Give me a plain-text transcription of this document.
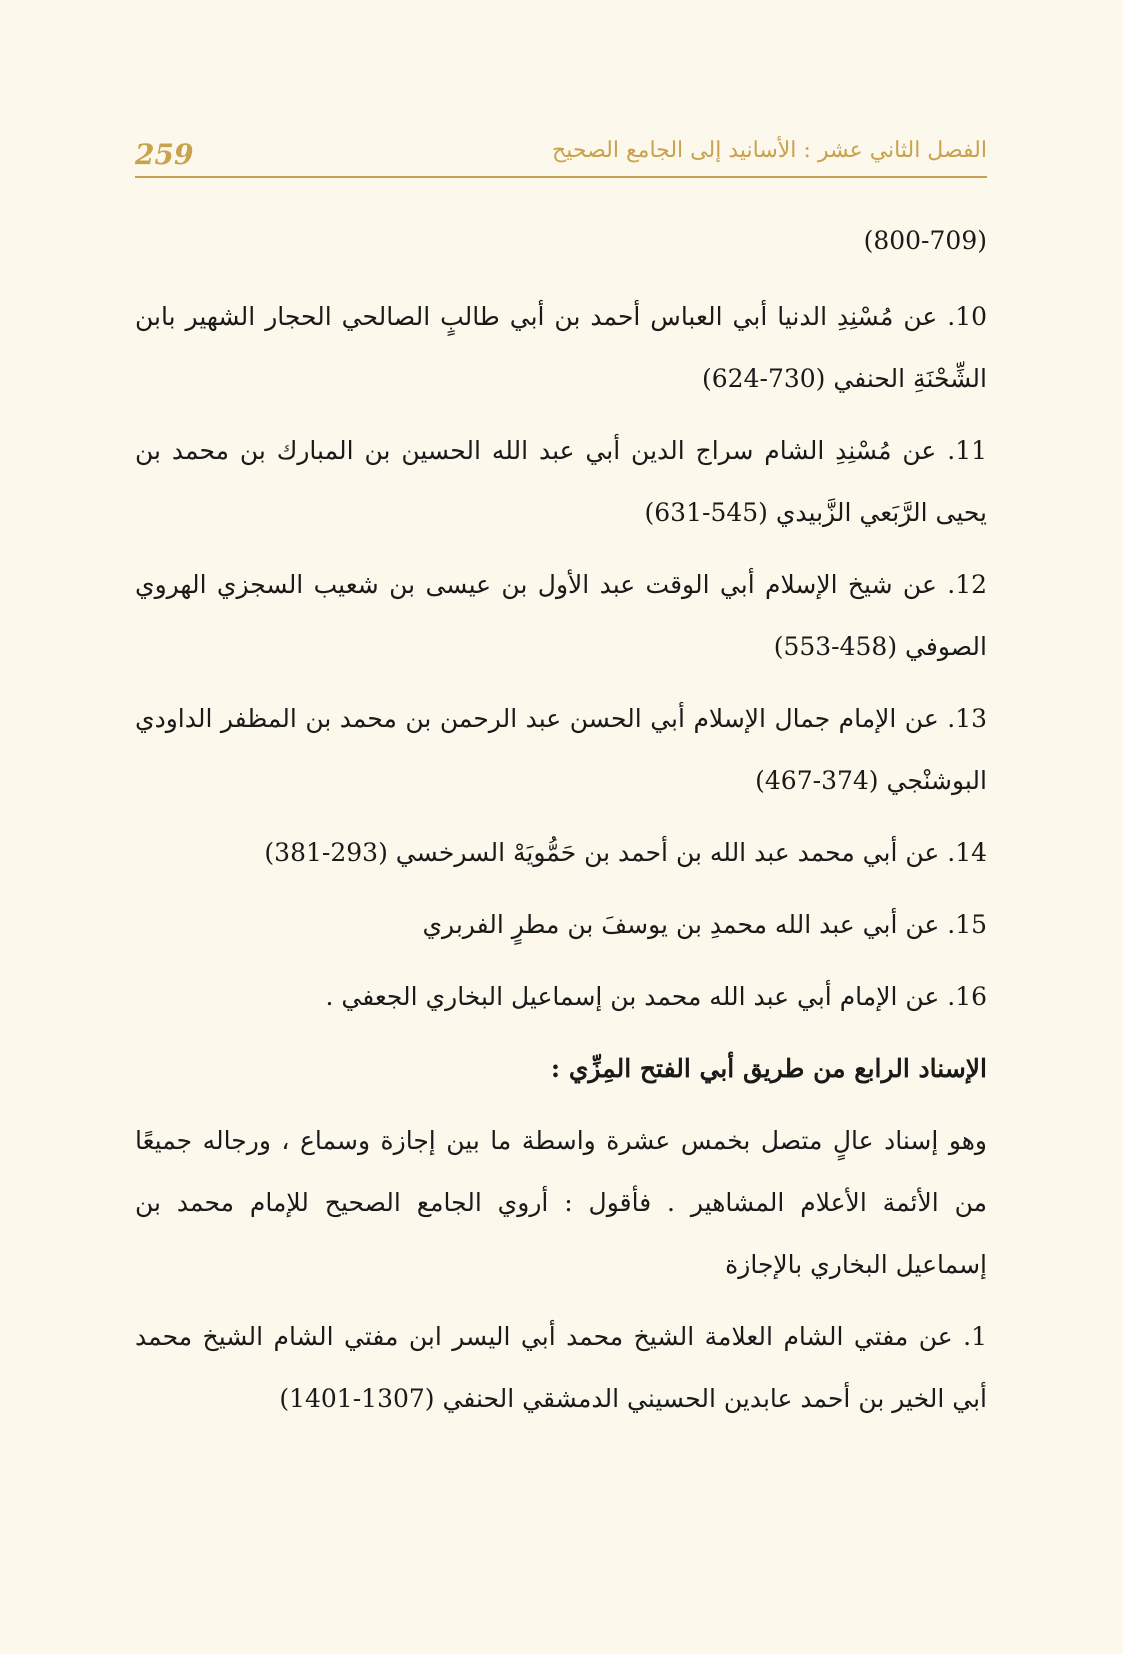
259	الفصل الثاني عشر : الأسانيد إلى الجامع الصحيح

(800-709)

10. عن مُسْنِدِ الدنيا أبي العباس أحمد بن أبي طالبٍ الصالحي الحجار الشهير بابن الشِّحْنَةِ الحنفي (730-624)

11. عن مُسْنِدِ الشام سراج الدين أبي عبد الله الحسين بن المبارك بن محمد بن يحيى الرَّبَعي الزَّبيدي (545-631)

12. عن شيخ الإسلام أبي الوقت عبد الأول بن عيسى بن شعيب السجزي الهروي الصوفي (458-553)

13. عن الإمام جمال الإسلام أبي الحسن عبد الرحمن بن محمد بن المظفر الداودي البوشنْجي (374-467)

14. عن أبي محمد عبد الله بن أحمد بن حَمُّويَهْ السرخسي (293-381)

15. عن أبي عبد الله محمدِ بن يوسفَ بن مطرٍ الفربري

16. عن الإمام أبي عبد الله محمد بن إسماعيل البخاري الجعفي .

الإسناد الرابع من طريق أبي الفتح المِزِّي :

وهو إسناد عالٍ متصل بخمس عشرة واسطة ما بين إجازة وسماع ، ورجاله جميعًا من الأئمة الأعلام المشاهير . فأقول : أروي الجامع الصحيح للإمام محمد بن إسماعيل البخاري بالإجازة

1. عن مفتي الشام العلامة الشيخ محمد أبي اليسر ابن مفتي الشام الشيخ محمد أبي الخير بن أحمد عابدين الحسيني الدمشقي الحنفي (1307-1401)
